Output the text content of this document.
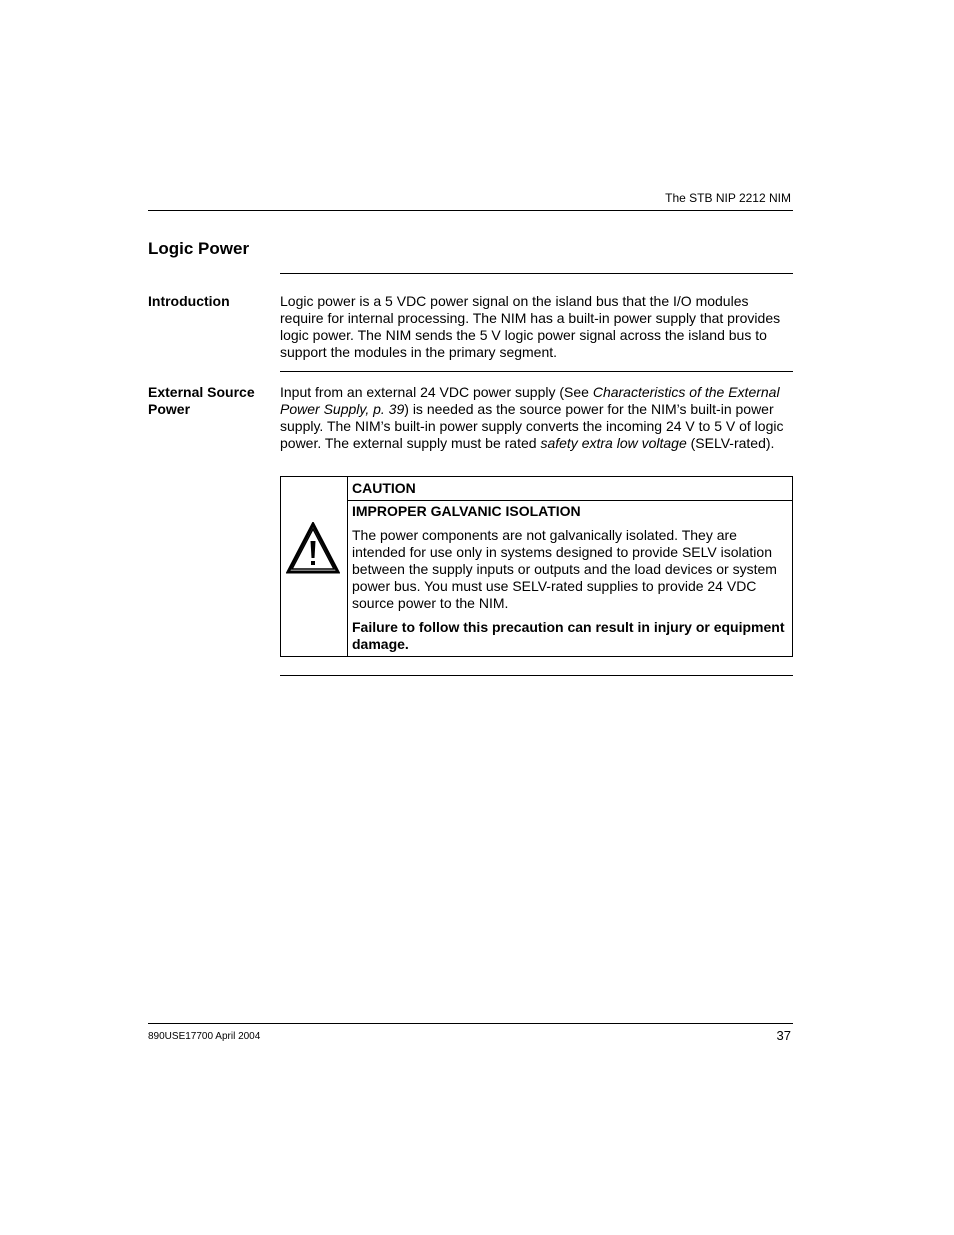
The STB NIP 2212 NIM
Logic Power
Introduction	Logic power is a 5 VDC power signal on the island bus that the I/O modules require for internal processing. The NIM has a built-in power supply that provides logic power. The NIM sends the 5 V logic power signal across the island bus to support the modules in the primary segment.
External Source Power
Input from an external 24 VDC power supply (See Characteristics of the External Power Supply, p. 39) is needed as the source power for the NIM’s built-in power supply. The NIM’s built-in power supply converts the incoming 24 V to 5 V of logic power. The external supply must be rated safety extra low voltage (SELV-rated).
CAUTION
IMPROPER GALVANIC ISOLATION
The power components are not galvanically isolated. They are intended for use only in systems designed to provide SELV isolation between the supply inputs or outputs and the load devices or system power bus. You must use SELV-rated supplies to provide 24 VDC source power to the NIM.
Failure to follow this precaution can result in injury or equipment damage.
890USE17700 April 2004	37
